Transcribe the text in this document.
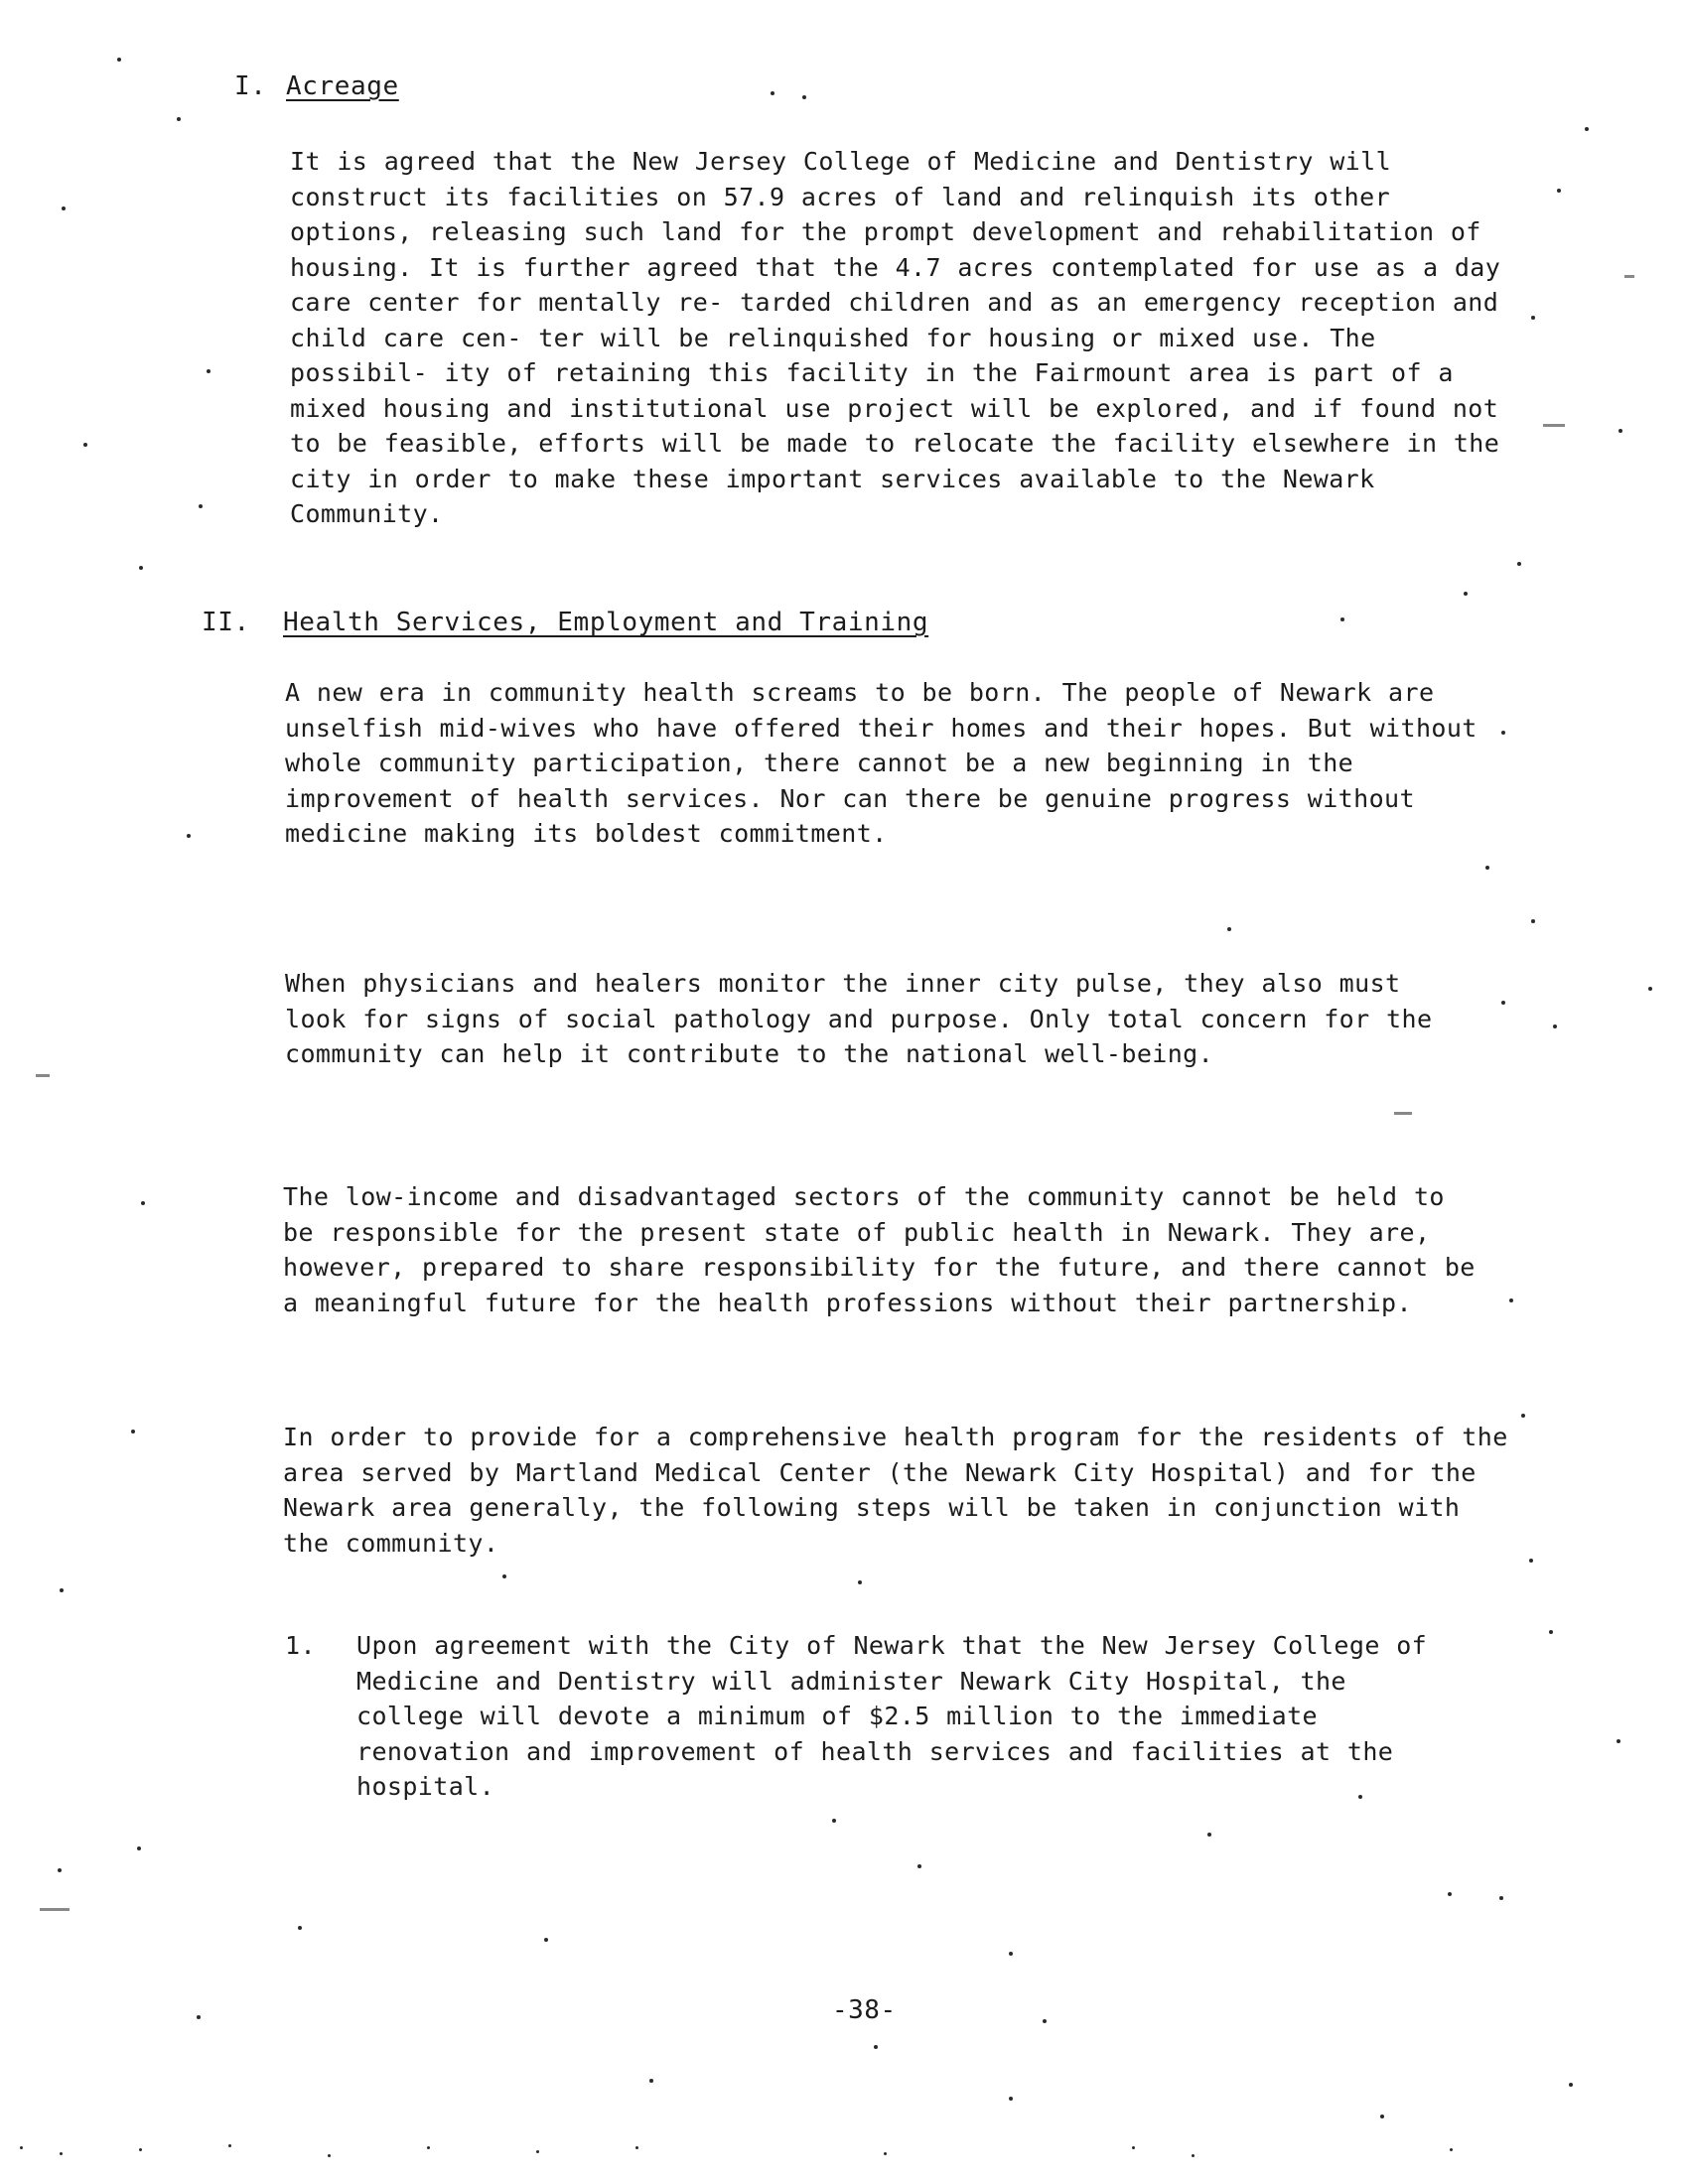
I. Acreage
It is agreed that the New Jersey College of Medicine and Dentistry will construct its facilities on 57.9 acres of land and relinquish its other options, releasing such land for the prompt development and rehabilitation of housing. It is further agreed that the 4.7 acres contemplated for use as a day care center for mentally re- tarded children and as an emergency reception and child care cen- ter will be relinquished for housing or mixed use. The possibil- ity of retaining this facility in the Fairmount area is part of a mixed housing and institutional use project will be explored, and if found not to be feasible, efforts will be made to relocate the facility elsewhere in the city in order to make these important services available to the Newark Community.
II. Health Services, Employment and Training
A new era in community health screams to be born. The people of Newark are unselfish mid-wives who have offered their homes and their hopes. But without whole community participation, there cannot be a new beginning in the improvement of health services. Nor can there be genuine progress without medicine making its boldest commitment.
When physicians and healers monitor the inner city pulse, they also must look for signs of social pathology and purpose. Only total concern for the community can help it contribute to the national well-being.
The low-income and disadvantaged sectors of the community cannot be held to be responsible for the present state of public health in Newark. They are, however, prepared to share responsibility for the future, and there cannot be a meaningful future for the health professions without their partnership.
In order to provide for a comprehensive health program for the residents of the area served by Martland Medical Center (the Newark City Hospital) and for the Newark area generally, the following steps will be taken in conjunction with the community.
1.	Upon agreement with the City of Newark that the New Jersey College of Medicine and Dentistry will administer Newark City Hospital, the college will devote a minimum of $2.5 million to the immediate renovation and improvement of health services and facilities at the hospital.
-38-
